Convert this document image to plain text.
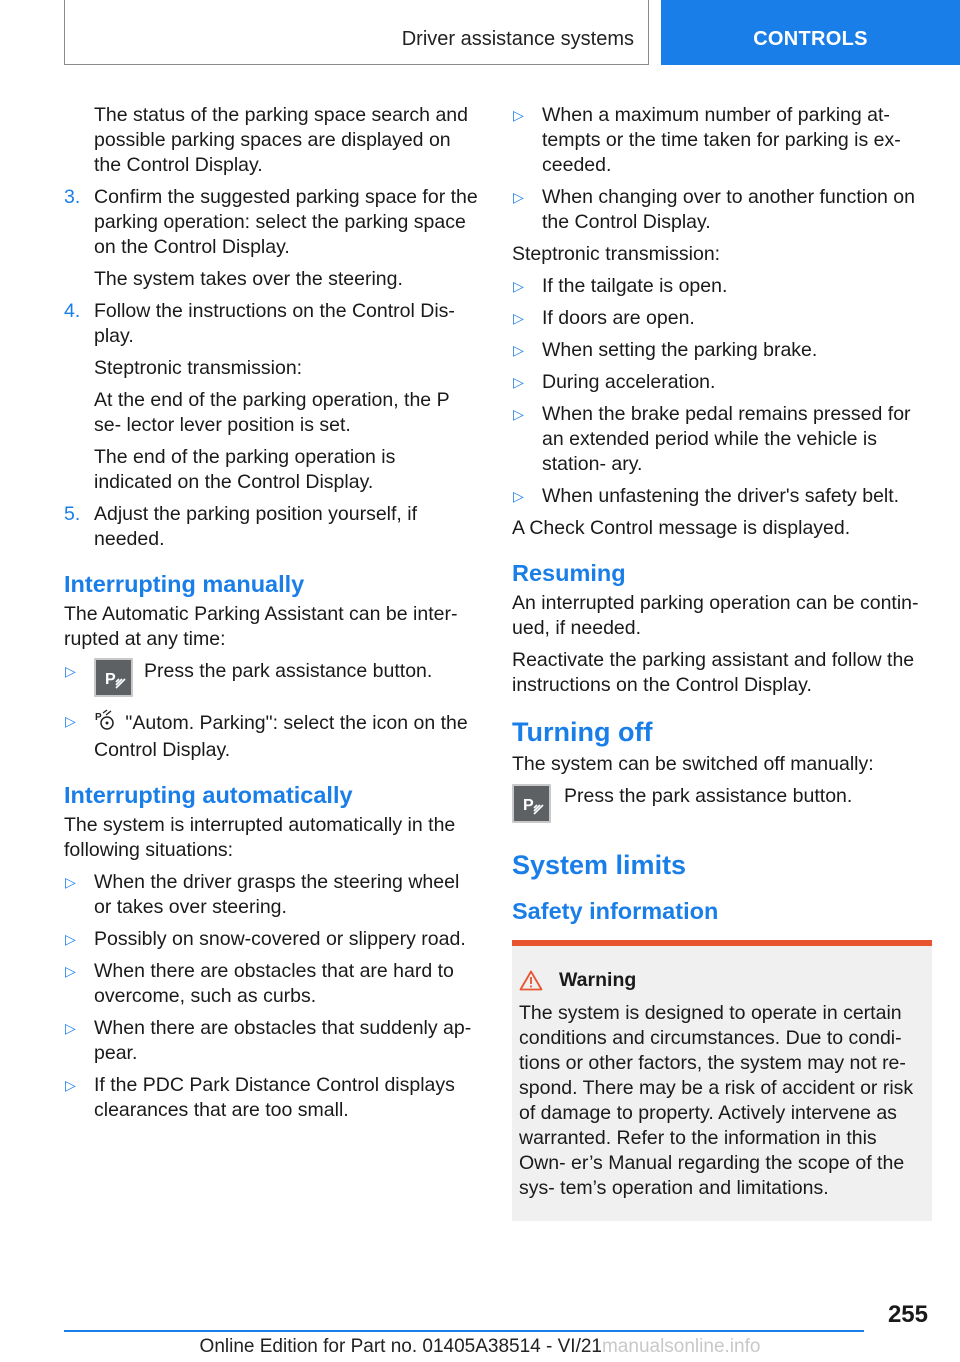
Driver assistance systems	CONTROLS
The status of the parking space search and possible parking spaces are displayed on the Control Display.
3. Confirm the suggested parking space for the parking operation: select the parking space on the Control Display.
The system takes over the steering.
4. Follow the instructions on the Control Dis- play.
Steptronic transmission:
At the end of the parking operation, the P se- lector lever position is set.
The end of the parking operation is indicated on the Control Display.
5. Adjust the parking position yourself, if needed.
Interrupting manually
The Automatic Parking Assistant can be inter- rupted at any time:
▷ P Press the park assistance button.
▷ P "Autom. Parking": select the icon on the Control Display.
Interrupting automatically
The system is interrupted automatically in the following situations:
▷ When the driver grasps the steering wheel or takes over steering.
▷ Possibly on snow-covered or slippery road.
▷ When there are obstacles that are hard to overcome, such as curbs.
▷ When there are obstacles that suddenly ap- pear.
▷ If the PDC Park Distance Control displays clearances that are too small.
▷ When a maximum number of parking at- tempts or the time taken for parking is ex- ceeded.
▷ When changing over to another function on the Control Display.
Steptronic transmission:
▷ If the tailgate is open.
▷ If doors are open.
▷ When setting the parking brake.
▷ During acceleration.
▷ When the brake pedal remains pressed for an extended period while the vehicle is station- ary.
▷ When unfastening the driver's safety belt.
A Check Control message is displayed.
Resuming
An interrupted parking operation can be contin- ued, if needed.
Reactivate the parking assistant and follow the instructions on the Control Display.
Turning off
The system can be switched off manually:
P Press the park assistance button.
System limits
Safety information
Warning
The system is designed to operate in certain conditions and circumstances. Due to condi- tions or other factors, the system may not re- spond. There may be a risk of accident or risk of damage to property. Actively intervene as warranted. Refer to the information in this Own- er’s Manual regarding the scope of the sys- tem’s operation and limitations.
255
Online Edition for Part no. 01405A38514 - VI/21manualsonline.info
